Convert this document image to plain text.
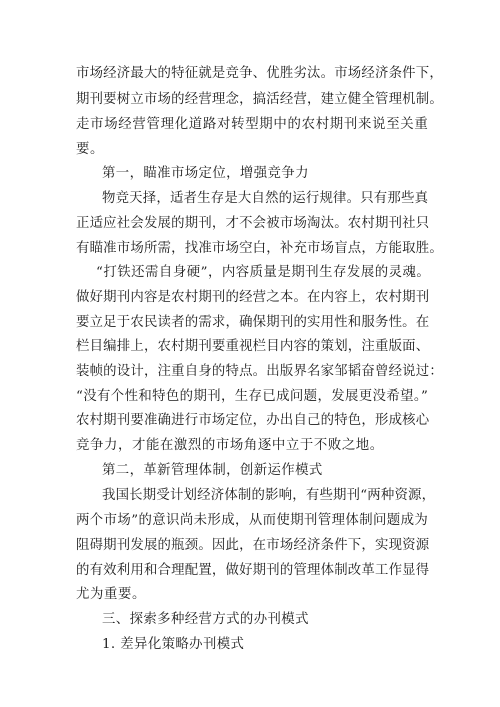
市场经济最大的特征就是竞争、优胜劣汰。市场经济条件下，
期刊要树立市场的经营理念，搞活经营，建立健全管理机制。
走市场经营管理化道路对转型期中的农村期刊来说至关重
要。
第一，瞄准市场定位，增强竞争力
物竞天择，适者生存是大自然的运行规律。只有那些真
正适应社会发展的期刊，才不会被市场淘汰。农村期刊社只
有瞄准市场所需，找准市场空白，补充市场盲点，方能取胜。
“打铁还需自身硬”，内容质量是期刊生存发展的灵魂。
做好期刊内容是农村期刊的经营之本。在内容上，农村期刊
要立足于农民读者的需求，确保期刊的实用性和服务性。在
栏目编排上，农村期刊要重视栏目内容的策划，注重版面、
装帧的设计，注重自身的特点。出版界名家邹韬奋曾经说过：
“没有个性和特色的期刊，生存已成问题，发展更没希望。”
农村期刊要准确进行市场定位，办出自己的特色，形成核心
竞争力，才能在激烈的市场角逐中立于不败之地。
第二，革新管理体制，创新运作模式
我国长期受计划经济体制的影响，有些期刊“两种资源，
两个市场”的意识尚未形成，从而使期刊管理体制问题成为
阻碍期刊发展的瓶颈。因此，在市场经济条件下，实现资源
的有效利用和合理配置，做好期刊的管理体制改革工作显得
尤为重要。
三、探索多种经营方式的办刊模式
1. 差异化策略办刊模式
